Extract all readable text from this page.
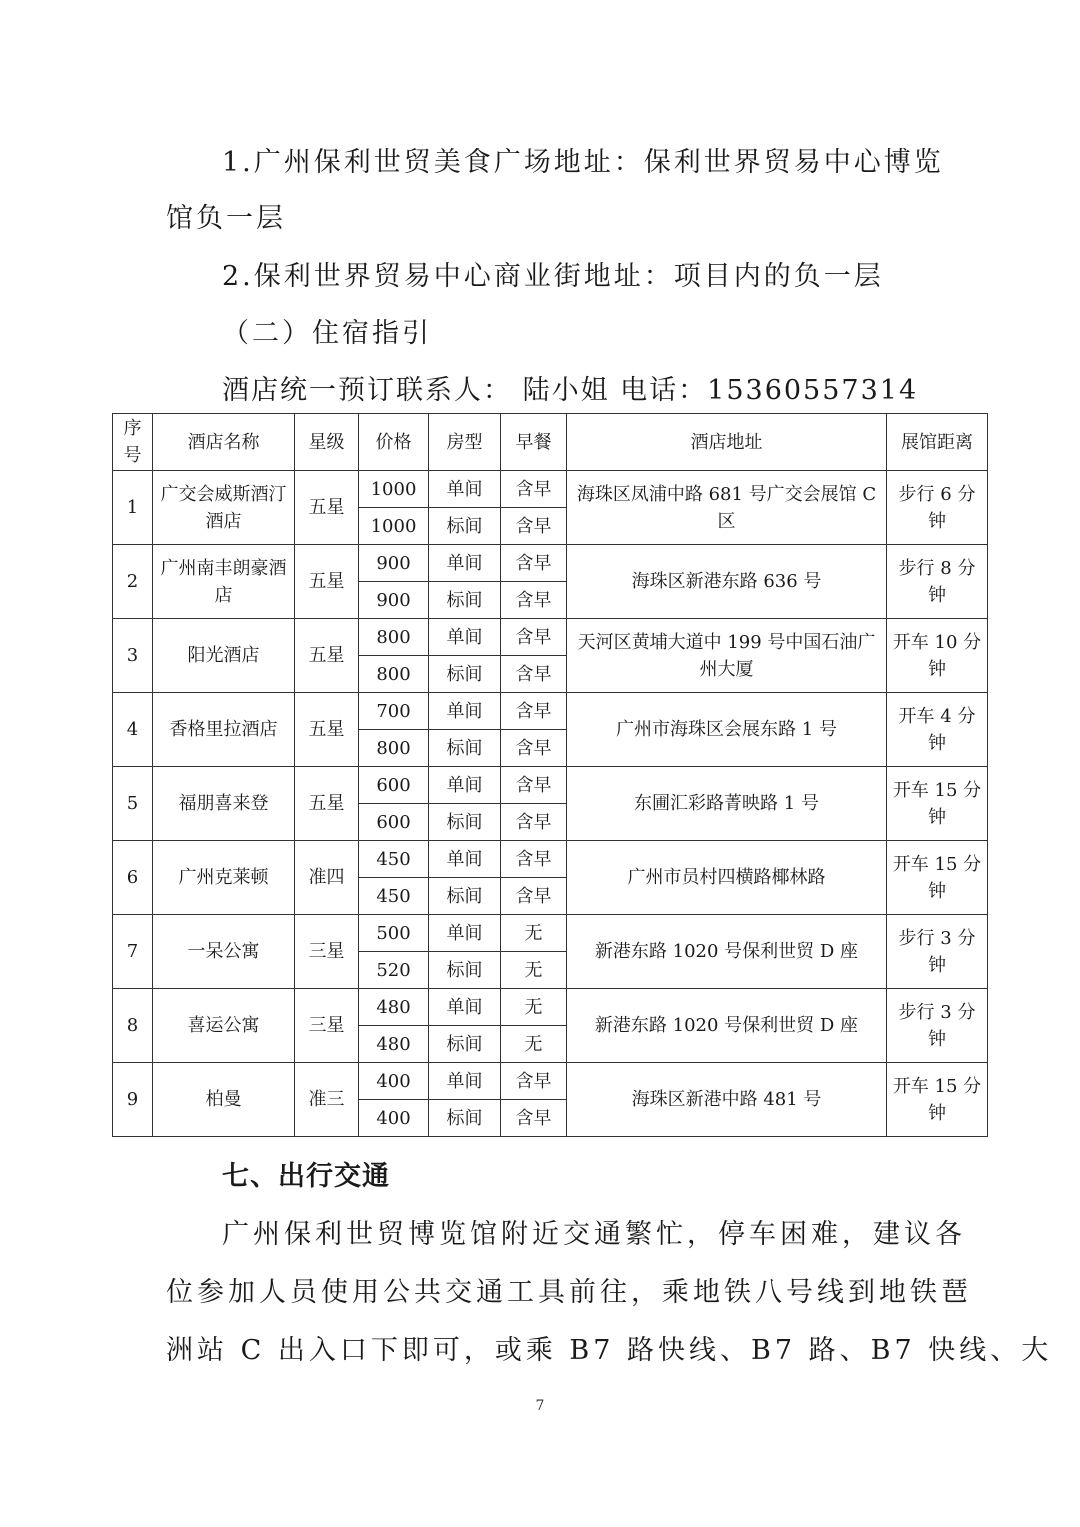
1.广州保利世贸美食广场地址：保利世界贸易中心博览
馆负一层
2.保利世界贸易中心商业街地址：项目内的负一层
（二）住宿指引
酒店统一预订联系人： 陆小姐 电话：15360557314
序号	酒店名称	星级	价格	房型	早餐	酒店地址	展馆距离
1	广交会威斯酒汀酒店	五星	1000	单间	含早	海珠区凤浦中路 681 号广交会展馆 C 区	步行 6 分钟
			1000	标间	含早		
2	广州南丰朗豪酒店	五星	900	单间	含早	海珠区新港东路 636 号	步行 8 分钟
			900	标间	含早		
3	阳光酒店	五星	800	单间	含早	天河区黄埔大道中 199 号中国石油广州大厦	开车 10 分钟
			800	标间	含早		
4	香格里拉酒店	五星	700	单间	含早	广州市海珠区会展东路 1 号	开车 4 分钟
			800	标间	含早		
5	福朋喜来登	五星	600	单间	含早	东圃汇彩路菁映路 1 号	开车 15 分钟
			600	标间	含早		
6	广州克莱顿	准四	450	单间	含早	广州市员村四横路椰林路	开车 15 分钟
			450	标间	含早		
7	一呆公寓	三星	500	单间	无	新港东路 1020 号保利世贸 D 座	步行 3 分钟
			520	标间	无		
8	喜运公寓	三星	480	单间	无	新港东路 1020 号保利世贸 D 座	步行 3 分钟
			480	标间	无		
9	柏曼	准三	400	单间	含早	海珠区新港中路 481 号	开车 15 分钟
			400	标间	含早		
七、出行交通
广州保利世贸博览馆附近交通繁忙，停车困难，建议各
位参加人员使用公共交通工具前往，乘地铁八号线到地铁琶
洲站 C 出入口下即可，或乘 B7 路快线、B7 路、B7 快线、大
7
